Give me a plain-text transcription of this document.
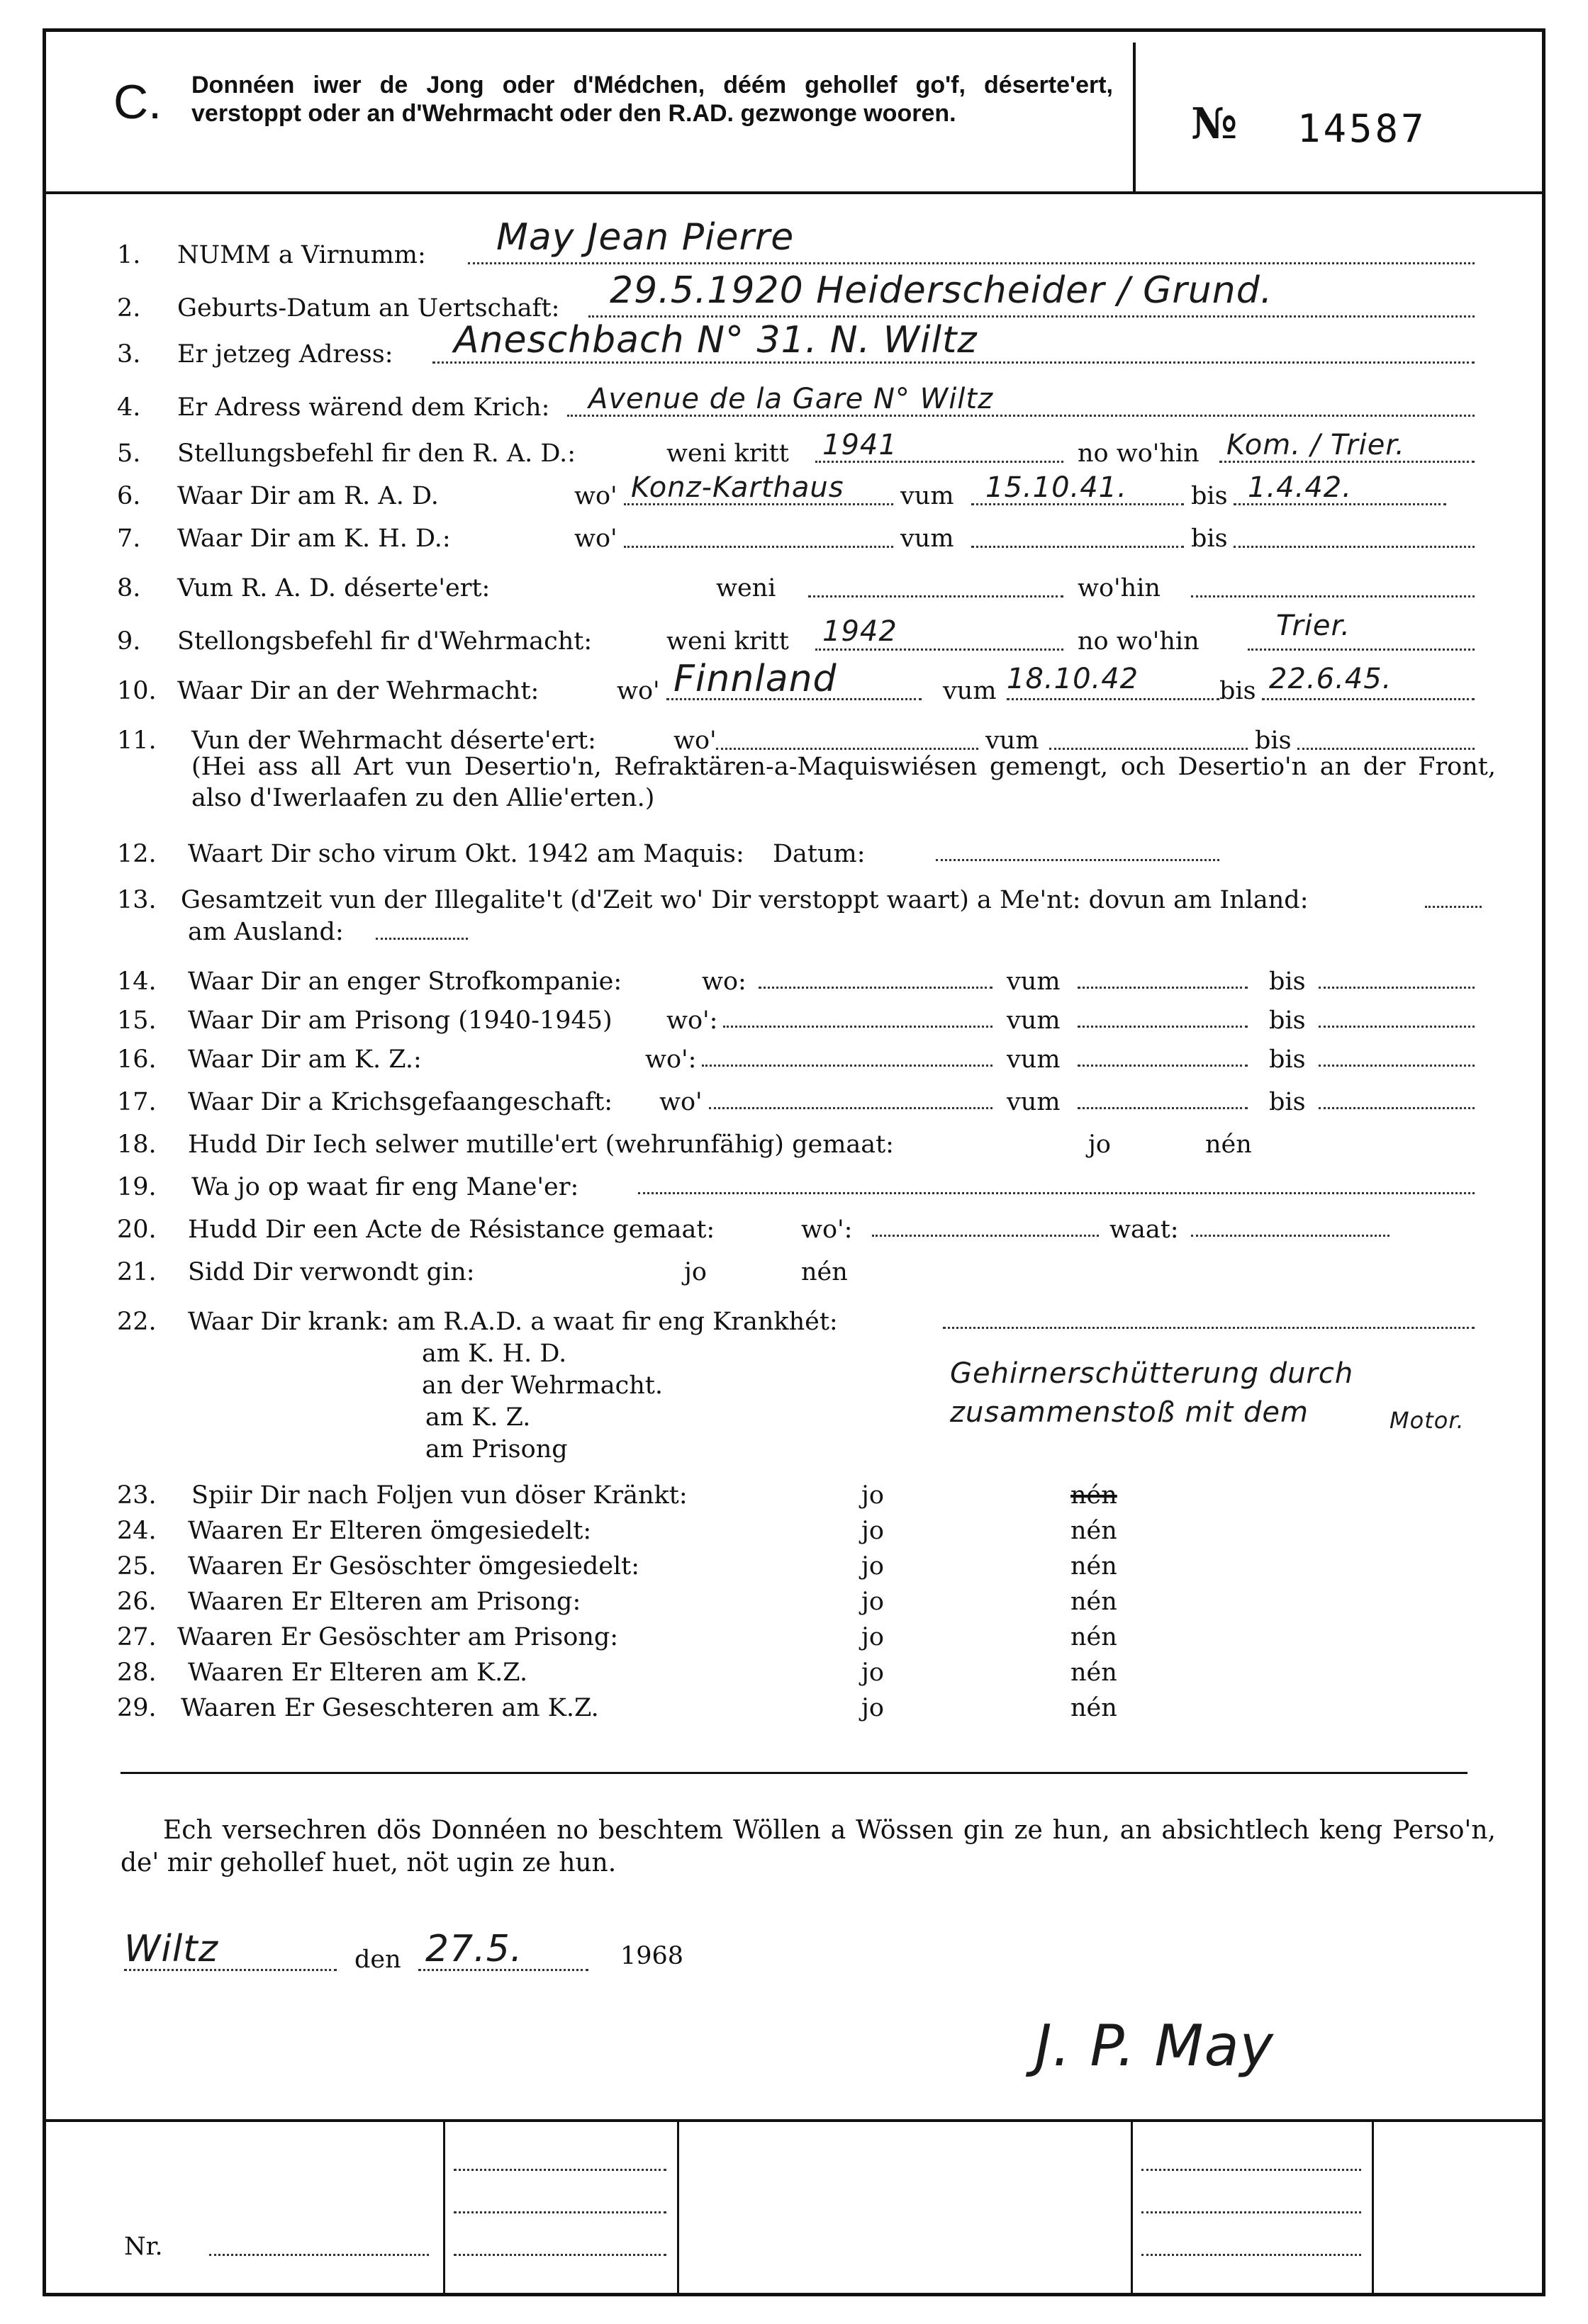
C. Donnéen iwer de Jong oder d'Médchen, déém gehollef go'f, déserte'ert, verstoppt oder an d'Wehrmacht oder den R.AD. gezwonge wooren.	№ 14587
1. NUMM a Virnumm: May Jean Pierre
2. Geburts-Datum an Uertschaft: 29.5.1920 Heiderscheider / Grund.
3. Er jetzeg Adress: Aneschbach N° 31. N. Wiltz
4. Er Adress wärend dem Krich: Avenue de la Gare N° Wiltz
5. Stellungsbefehl fir den R. A. D.:	weni kritt 1941	no wo'hin Kom. / Trier.
6. Waar Dir am R. A. D.	wo' Konz-Karthaus vum 15.10.41.	bis 1.4.42.
7. Waar Dir am K. H. D.:	wo'	vum	bis
8. Vum R. A. D. déserte'ert:	weni	wo'hin
9. Stellongsbefehl fir d'Wehrmacht:	weni kritt 1942	no wo'hin	Trier.
10. Waar Dir an der Wehrmacht:	wo' Finnland	vum 18.10.42	bis 22.6.45.
11. Vun der Wehrmacht déserte'ert:	wo'	vum	bis
(Hei ass all Art vun Desertio'n, Refraktären-a-Maquiswiésen gemengt, och Desertio'n an der Front, also d'Iwerlaafen zu den Allie'erten.)
12. Waart Dir scho virum Okt. 1942 am Maquis: Datum:
13. Gesamtzeit vun der Illegalite't (d'Zeit wo' Dir verstoppt waart) a Me'nt: dovun am Inland:
am Ausland:
14. Waar Dir an enger Strofkompanie:	wo:	vum	bis
15. Waar Dir am Prisong (1940-1945) wo':	vum	bis
16. Waar Dir am K. Z.:	wo':	vum	bis
17. Waar Dir a Krichsgefaangeschaft: wo'	vum	bis
18. Hudd Dir Iech selwer mutille'ert (wehrunfähig) gemaat:	jo	nén
19. Wa jo op waat fir eng Mane'er:
20. Hudd Dir een Acte de Résistance gemaat:	wo':	waat:
21. Sidd Dir verwondt gin:	jo	nén
22. Waar Dir krank: am R.A.D. a waat fir eng Krankhét:
am K. H. D.
an der Wehrmacht.
am K. Z.
am Prisong
Gehirnerschütterung durch
zusammenstoß mit dem	Motor.
23. Spiir Dir nach Foljen vun döser Kränkt:	jo	nén
24. Waaren Er Elteren ömgesiedelt:	jo	nén
25. Waaren Er Gesöschter ömgesiedelt:	jo	nén
26. Waaren Er Elteren am Prisong:	jo	nén
27. Waaren Er Gesöschter am Prisong:	jo	nén
28. Waaren Er Elteren am K.Z.	jo	nén
29. Waaren Er Geseschteren am K.Z.	jo	nén
Ech versechren dös Donnéen no beschtem Wöllen a Wössen gin ze hun, an absichtlech keng Perso'n, de' mir gehollef huet, nöt ugin ze hun.
Wiltz	den 27.5.	1968
J. P. May
Nr.
